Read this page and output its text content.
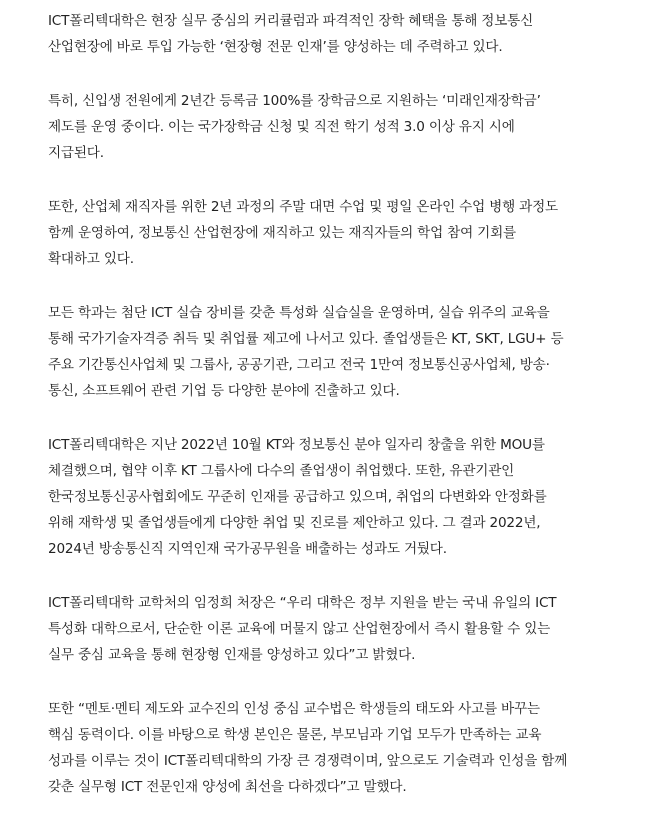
ICT폴리텍대학은 현장 실무 중심의 커리큘럼과 파격적인 장학 혜택을 통해 정보통신
산업현장에 바로 투입 가능한 ‘현장형 전문 인재’를 양성하는 데 주력하고 있다.

특히, 신입생 전원에게 2년간 등록금 100%를 장학금으로 지원하는 ‘미래인재장학금’
제도를 운영 중이다. 이는 국가장학금 신청 및 직전 학기 성적 3.0 이상 유지 시에
지급된다.

또한, 산업체 재직자를 위한 2년 과정의 주말 대면 수업 및 평일 온라인 수업 병행 과정도
함께 운영하여, 정보통신 산업현장에 재직하고 있는 재직자들의 학업 참여 기회를
확대하고 있다.

모든 학과는 첨단 ICT 실습 장비를 갖춘 특성화 실습실을 운영하며, 실습 위주의 교육을
통해 국가기술자격증 취득 및 취업률 제고에 나서고 있다. 졸업생들은 KT, SKT, LGU+ 등
주요 기간통신사업체 및 그룹사, 공공기관, 그리고 전국 1만여 정보통신공사업체, 방송·
통신, 소프트웨어 관련 기업 등 다양한 분야에 진출하고 있다.

ICT폴리텍대학은 지난 2022년 10월 KT와 정보통신 분야 일자리 창출을 위한 MOU를
체결했으며, 협약 이후 KT 그룹사에 다수의 졸업생이 취업했다. 또한, 유관기관인
한국정보통신공사협회에도 꾸준히 인재를 공급하고 있으며, 취업의 다변화와 안정화를
위해 재학생 및 졸업생들에게 다양한 취업 및 진로를 제안하고 있다. 그 결과 2022년,
2024년 방송통신직 지역인재 국가공무원을 배출하는 성과도 거뒀다.

ICT폴리텍대학 교학처의 임정희 처장은 “우리 대학은 정부 지원을 받는 국내 유일의 ICT
특성화 대학으로서, 단순한 이론 교육에 머물지 않고 산업현장에서 즉시 활용할 수 있는
실무 중심 교육을 통해 현장형 인재를 양성하고 있다”고 밝혔다.

또한 “멘토·멘티 제도와 교수진의 인성 중심 교수법은 학생들의 태도와 사고를 바꾸는
핵심 동력이다. 이를 바탕으로 학생 본인은 물론, 부모님과 기업 모두가 만족하는 교육
성과를 이루는 것이 ICT폴리텍대학의 가장 큰 경쟁력이며, 앞으로도 기술력과 인성을 함께
갖춘 실무형 ICT 전문인재 양성에 최선을 다하겠다”고 말했다.
